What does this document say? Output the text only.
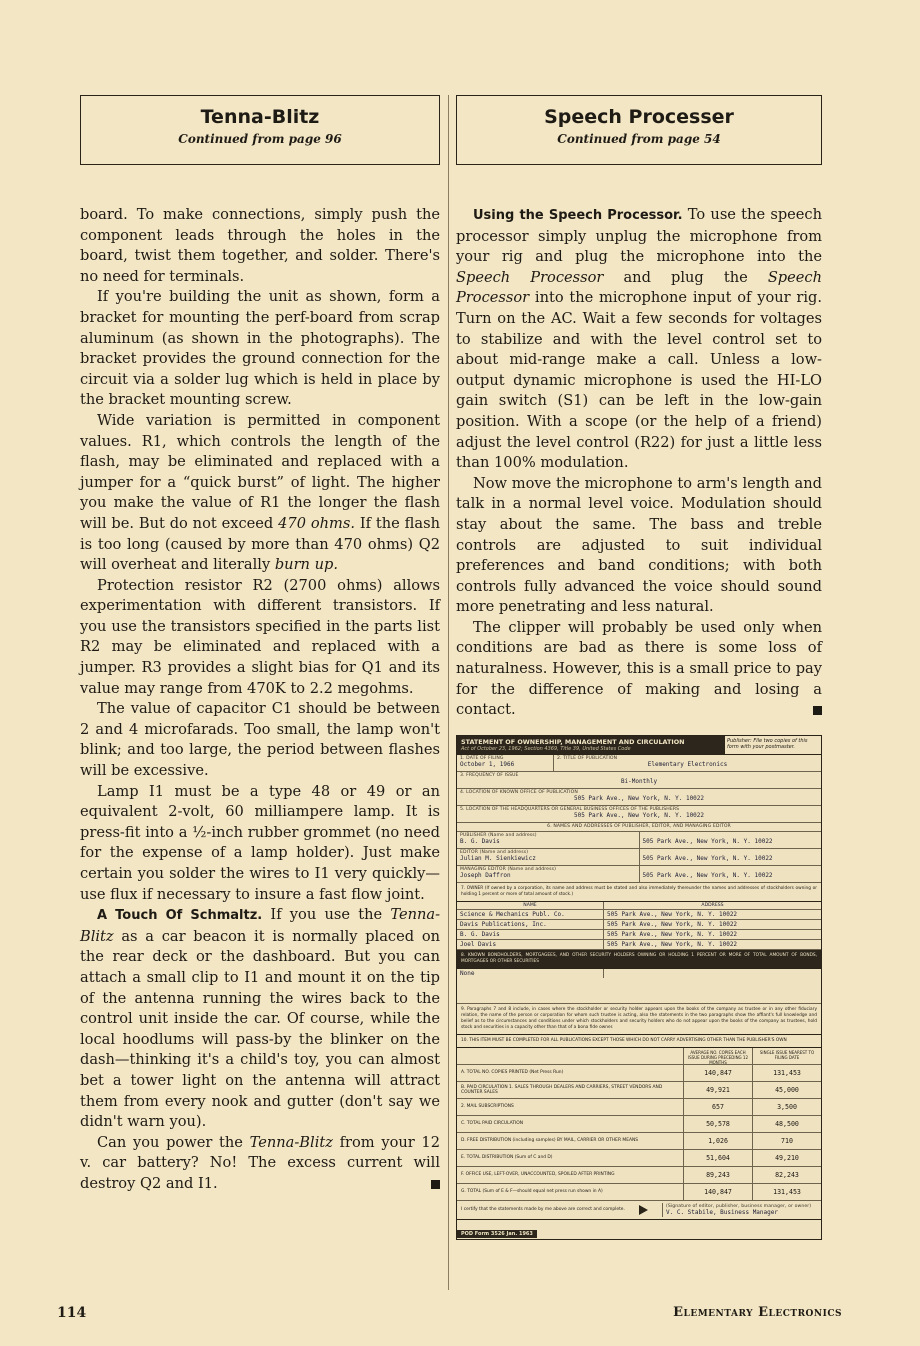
Tenna-Blitz

Continued from page 96

board. To make connections, simply push the component leads through the holes in the board, twist them together, and solder. There's no need for terminals.

If you're building the unit as shown, form a bracket for mounting the perf-board from scrap aluminum (as shown in the photographs). The bracket provides the ground connection for the circuit via a solder lug which is held in place by the bracket mounting screw.

Wide variation is permitted in component values. R1, which controls the length of the flash, may be eliminated and replaced with a jumper for a “quick burst” of light. The higher you make the value of R1 the longer the flash will be. But do not exceed 470 ohms. If the flash is too long (caused by more than 470 ohms) Q2 will overheat and literally burn up.

Protection resistor R2 (2700 ohms) allows experimentation with different transistors. If you use the transistors specified in the parts list R2 may be eliminated and replaced with a jumper. R3 provides a slight bias for Q1 and its value may range from 470K to 2.2 megohms.

The value of capacitor C1 should be between 2 and 4 microfarads. Too small, the lamp won't blink; and too large, the period between flashes will be excessive.

Lamp I1 must be a type 48 or 49 or an equivalent 2-volt, 60 milliampere lamp. It is press-fit into a ½-inch rubber grommet (no need for the expense of a lamp holder). Just make certain you solder the wires to I1 very quickly—use flux if necessary to insure a fast flow joint.

A Touch Of Schmaltz. If you use the Tenna-Blitz as a car beacon it is normally placed on the rear deck or the dashboard. But you can attach a small clip to I1 and mount it on the tip of the antenna running the wires back to the control unit inside the car. Of course, while the local hoodlums will pass-by the blinker on the dash—thinking it's a child's toy, you can almost bet a tower light on the antenna will attract them from every nook and gutter (don't say we didn't warn you).

Can you power the Tenna-Blitz from your 12 v. car battery? No! The excess current will destroy Q2 and I1.

Speech Processer

Continued from page 54

Using the Speech Processor. To use the speech processor simply unplug the microphone from your rig and plug the microphone into the Speech Processor and plug the Speech Processor into the microphone input of your rig. Turn on the AC. Wait a few seconds for voltages to stabilize and with the level control set to about mid-range make a call. Unless a low-output dynamic microphone is used the HI-LO gain switch (S1) can be left in the low-gain position. With a scope (or the help of a friend) adjust the level control (R22) for just a little less than 100% modulation.

Now move the microphone to arm's length and talk in a normal level voice. Modulation should stay about the same. The bass and treble controls are adjusted to suit individual preferences and band conditions; with both controls fully advanced the voice should sound more penetrating and less natural.

The clipper will probably be used only when conditions are bad as there is some loss of naturalness. However, this is a small price to pay for the difference of making and losing a contact.

STATEMENT OF OWNERSHIP, MANAGEMENT AND CIRCULATION
Act of October 23, 1962; Section 4369, Title 39, United States Code
Publisher: File two copies of this form with your postmaster.
1. DATE OF FILING
October 1, 1966
2. TITLE OF PUBLICATION
Elementary Electronics
3. FREQUENCY OF ISSUE
Bi-Monthly
4. LOCATION OF KNOWN OFFICE OF PUBLICATION
505 Park Ave., New York, N. Y. 10022
5. LOCATION OF THE HEADQUARTERS OR GENERAL BUSINESS OFFICES OF THE PUBLISHERS
505 Park Ave., New York, N. Y. 10022
6. NAMES AND ADDRESSES OF PUBLISHER, EDITOR, AND MANAGING EDITOR
PUBLISHER (Name and address)
B. G. Davis
	505 Park Ave., New York, N. Y. 10022
EDITOR (Name and address)
Julian M. Sienkiewicz
	505 Park Ave., New York, N. Y. 10022
MANAGING EDITOR (Name and address)
Joseph Daffron
	505 Park Ave., New York, N. Y. 10022
7. OWNER (If owned by a corporation, its name and address must be stated and also immediately thereunder the names and addresses of stockholders owning or holding 1 percent or more of total amount of stock.)
NAME	ADDRESS
Science & Mechanics Publ. Co.	505 Park Ave., New York, N. Y. 10022
Davis Publications, Inc.	505 Park Ave., New York, N. Y. 10022
B. G. Davis	505 Park Ave., New York, N. Y. 10022
Joel Davis	505 Park Ave., New York, N. Y. 10022
8. KNOWN BONDHOLDERS, MORTGAGEES, AND OTHER SECURITY HOLDERS OWNING OR HOLDING 1 PERCENT OR MORE OF TOTAL AMOUNT OF BONDS, MORTGAGES OR OTHER SECURITIES
None
9. Paragraphs 7 and 8 include, in cases where the stockholder or security holder appears upon the books of the company as trustee or in any other fiduciary relation, the name of the person or corporation for whom such trustee is acting, also the statements in the two paragraphs show the affiant's full knowledge and belief as to the circumstances and conditions under which stockholders and security holders who do not appear upon the books of the company as trustees, hold stock and securities in a capacity other than that of a bona fide owner.
10. THIS ITEM MUST BE COMPLETED FOR ALL PUBLICATIONS EXCEPT THOSE WHICH DO NOT CARRY ADVERTISING OTHER THAN THE PUBLISHER'S OWN
AVERAGE NO. COPIES EACH ISSUE DURING PRECEDING 12 MONTHS
SINGLE ISSUE NEAREST TO FILING DATE
A. TOTAL NO. COPIES PRINTED (Net Press Run)	140,847	131,453
B. PAID CIRCULATION 1. SALES THROUGH DEALERS AND CARRIERS, STREET VENDORS AND COUNTER SALES	49,921	45,000
2. MAIL SUBSCRIPTIONS	657	3,500
C. TOTAL PAID CIRCULATION	50,578	48,500
D. FREE DISTRIBUTION (including samples) BY MAIL, CARRIER OR OTHER MEANS	1,026	710
E. TOTAL DISTRIBUTION (Sum of C and D)	51,604	49,210
F. OFFICE USE, LEFT-OVER, UNACCOUNTED, SPOILED AFTER PRINTING	89,243	82,243
G. TOTAL (Sum of E & F—should equal net press run shown in A)	140,847	131,453
I certify that the statements made by me above are correct and complete.
(Signature of editor, publisher, business manager, or owner)
V. C. Stabile, Business Manager
POD Form 3526 Jan. 1963
114	Elementary Electronics
